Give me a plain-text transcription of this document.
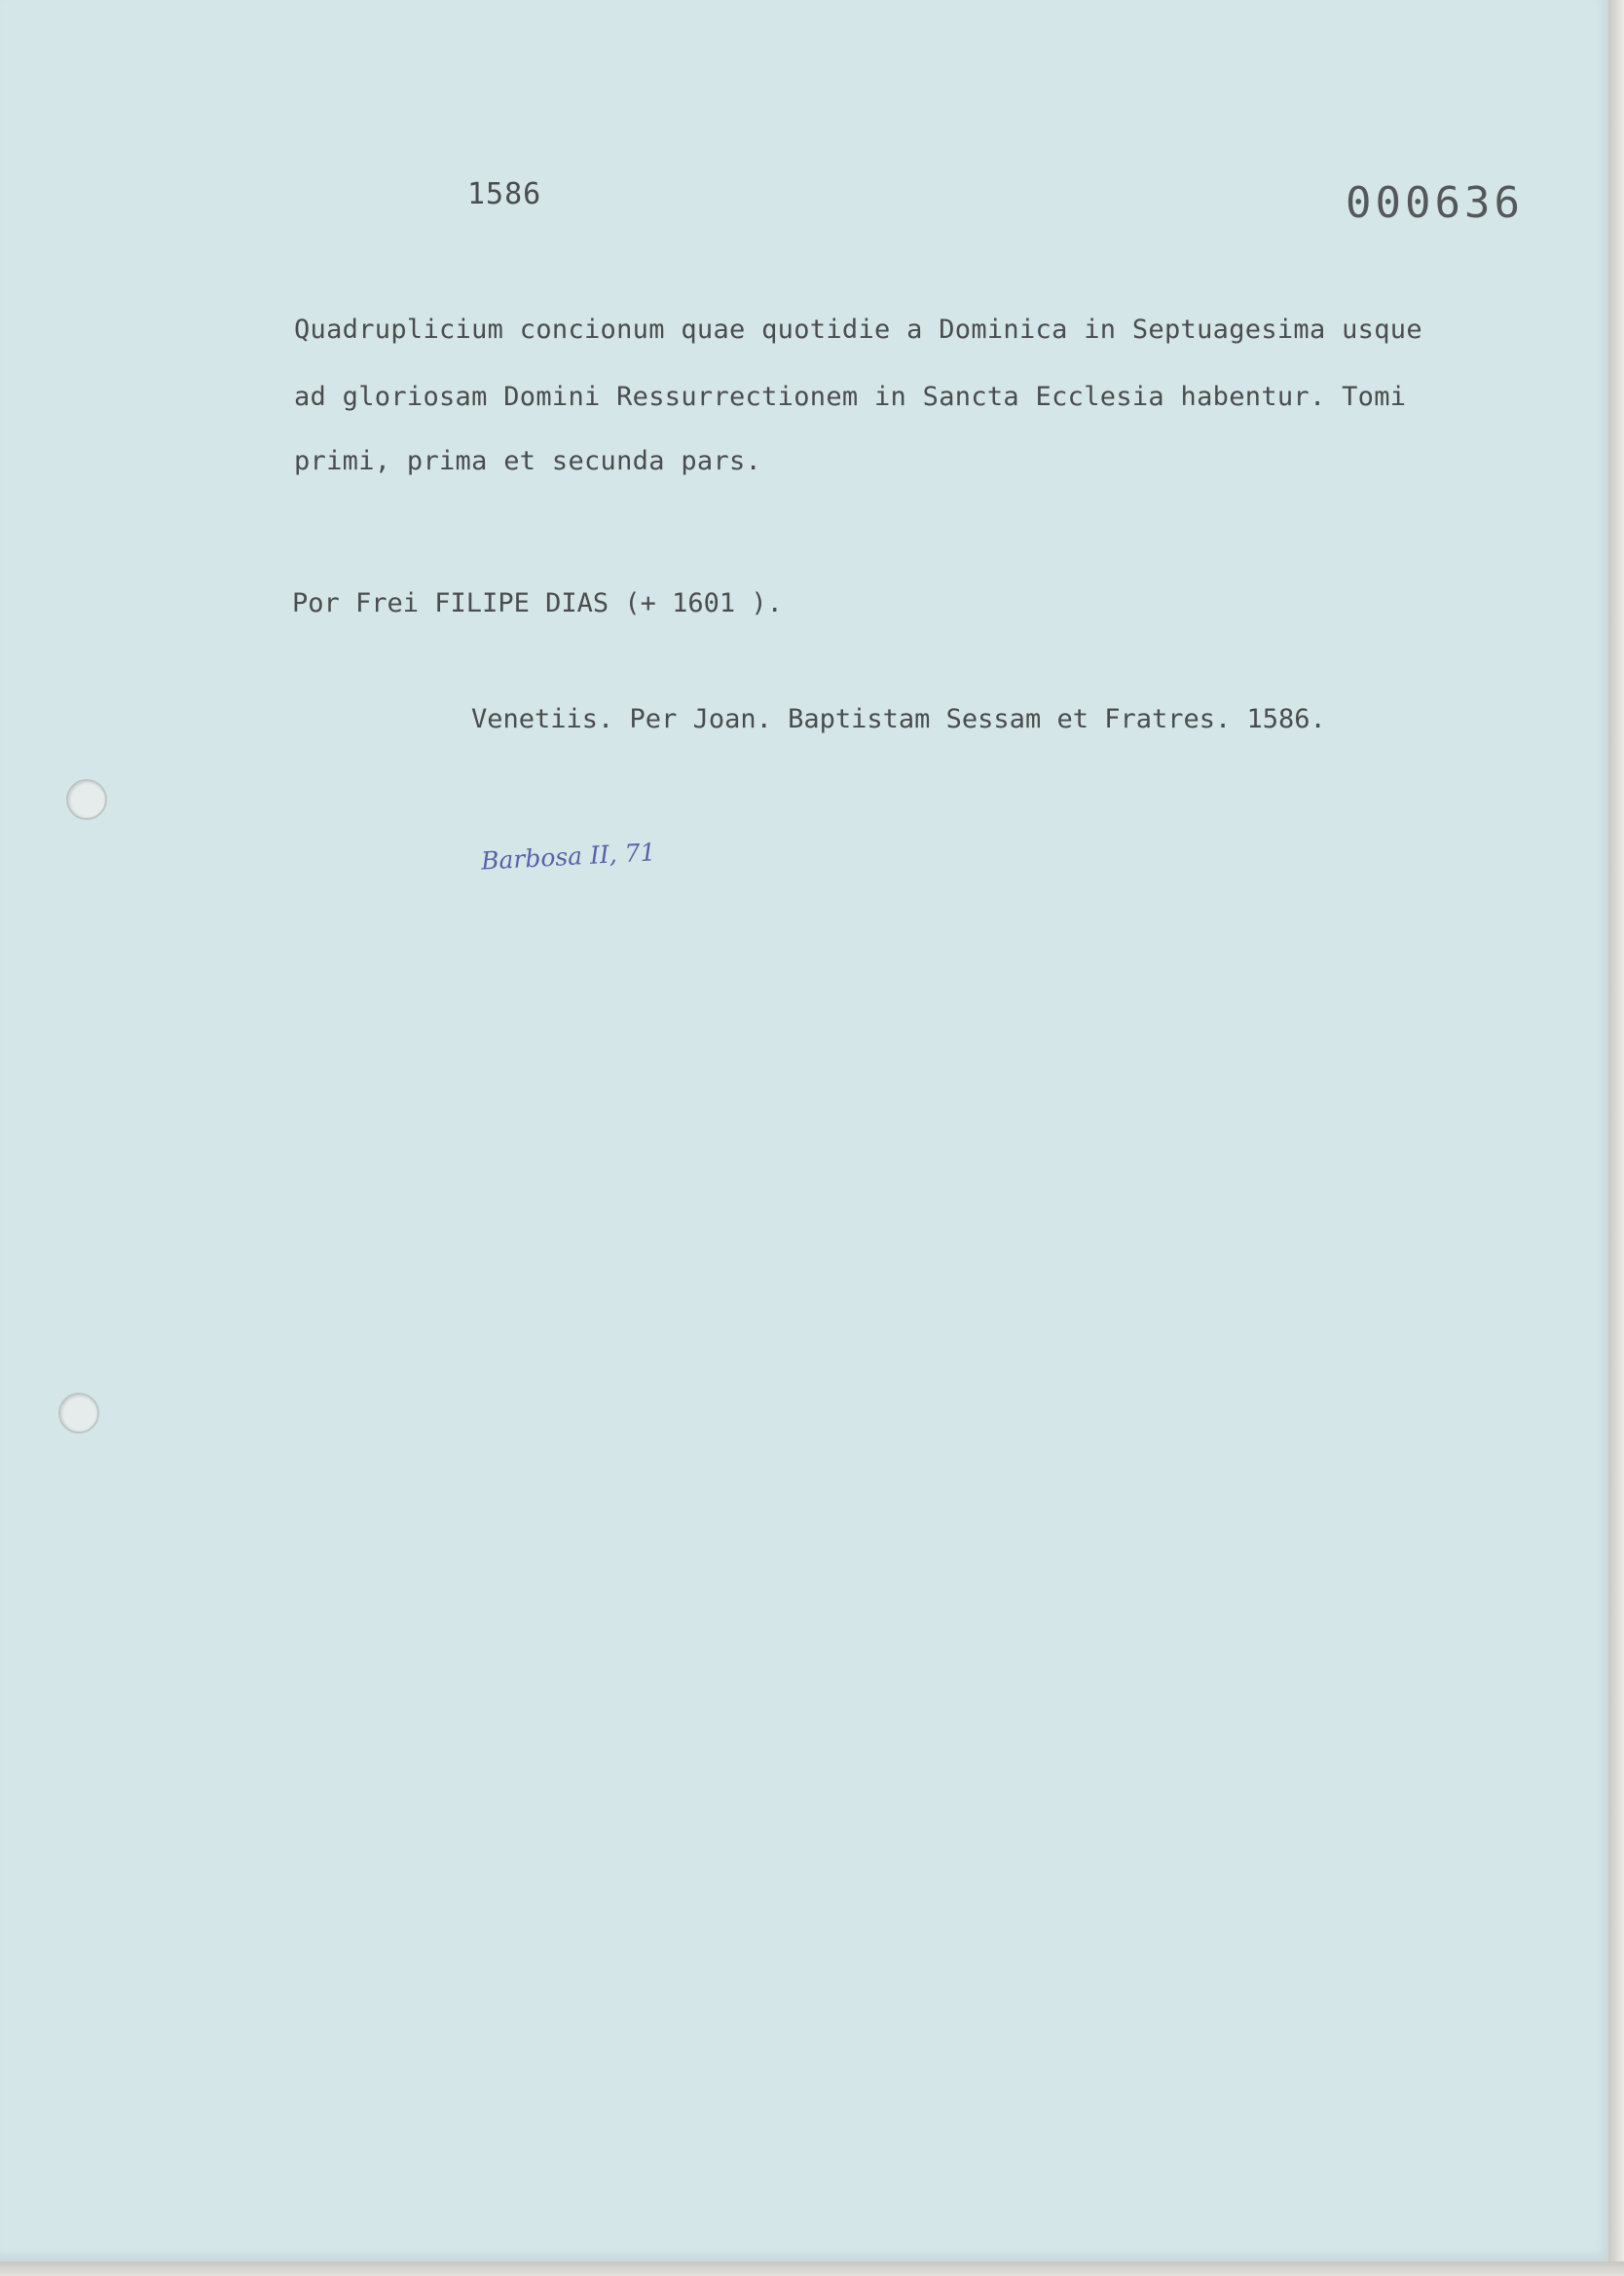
1586	000636
Quadruplicium concionum quae quotidie a Dominica in Septuagesima usque
ad gloriosam Domini Ressurrectionem in Sancta Ecclesia habentur. Tomi
primi, prima et secunda pars.
Por Frei FILIPE DIAS (+ 1601 ).
Venetiis. Per Joan. Baptistam Sessam et Fratres. 1586.
Barbosa II, 71
